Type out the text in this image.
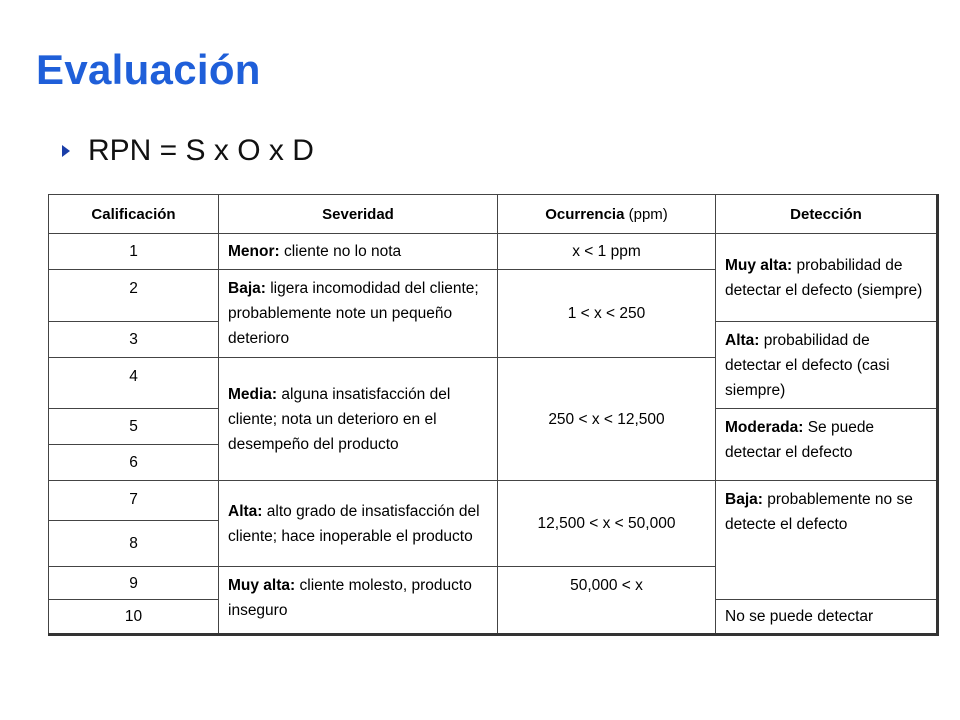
Evaluación
RPN = S x O x D
Calificación	Severidad	Ocurrencia (ppm)	Detección
1	Menor: cliente no lo nota	x < 1 ppm	Muy alta: probabilidad de detectar el defecto (siempre)
2	Baja: ligera incomodidad del cliente; probablemente note un pequeño deterioro	1 < x < 250	
3			Alta: probabilidad de detectar el defecto (casi siempre)
4	Media: alguna insatisfacción del cliente; nota un deterioro en el desempeño del producto	250 < x < 12,500	
5			Moderada: Se puede detectar el defecto
6			
7	Alta: alto grado de insatisfacción del cliente; hace inoperable el producto	12,500 < x < 50,000	Baja: probablemente no se detecte el defecto
8			
9	Muy alta: cliente molesto, producto inseguro	50,000 < x	
10			No se puede detectar
